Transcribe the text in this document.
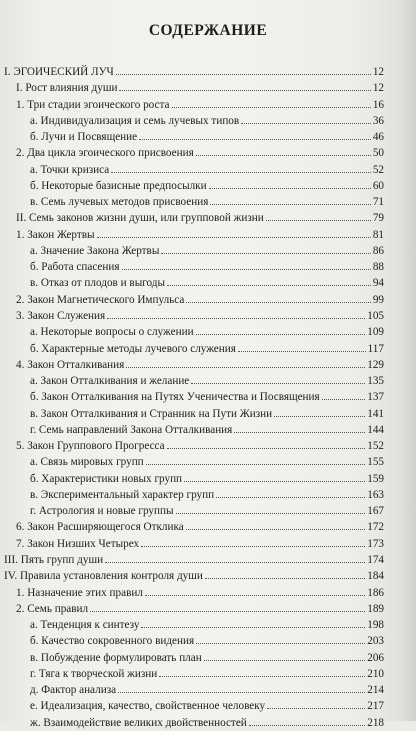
СОДЕРЖАНИЕ
I. ЭГОИЧЕСКИЙ ЛУЧ	12
I. Рост влияния души	12
1. Три стадии эгоического роста	16
а. Индивидуализация и семь лучевых типов	36
б. Лучи и Посвящение	46
2. Два цикла эгоического присвоения	50
а. Точки кризиса	52
б. Некоторые базисные предпосылки	60
в. Семь лучевых методов присвоения	71
II. Семь законов жизни души, или групповой жизни	79
1. Закон Жертвы	81
а. Значение Закона Жертвы	86
б. Работа спасения	88
в. Отказ от плодов и выгоды	94
2. Закон Магнетического Импульса	99
3. Закон Служения	105
а. Некоторые вопросы о служении	109
б. Характерные методы лучевого служения	117
4. Закон Отталкивания	129
а. Закон Отталкивания и желание	135
б. Закон Отталкивания на Путях Ученичества и Посвящения	137
в. Закон Отталкивания и Странник на Пути Жизни	141
г. Семь направлений Закона Отталкивания	144
5. Закон Группового Прогресса	152
а. Связь мировых групп	155
б. Характеристики новых групп	159
в. Экспериментальный характер групп	163
г. Астрология и новые группы	167
6. Закон Расширяющегося Отклика	172
7. Закон Низших Четырех	173
III. Пять групп души	174
IV. Правила установления контроля души	184
1. Назначение этих правил	186
2. Семь правил	189
а. Тенденция к синтезу	198
б. Качество сокровенного видения	203
в. Побуждение формулировать план	206
г. Тяга к творческой жизни	210
д. Фактор анализа	214
е. Идеализация, качество, свойственное человеку	217
ж. Взаимодействие великих двойственностей	218
